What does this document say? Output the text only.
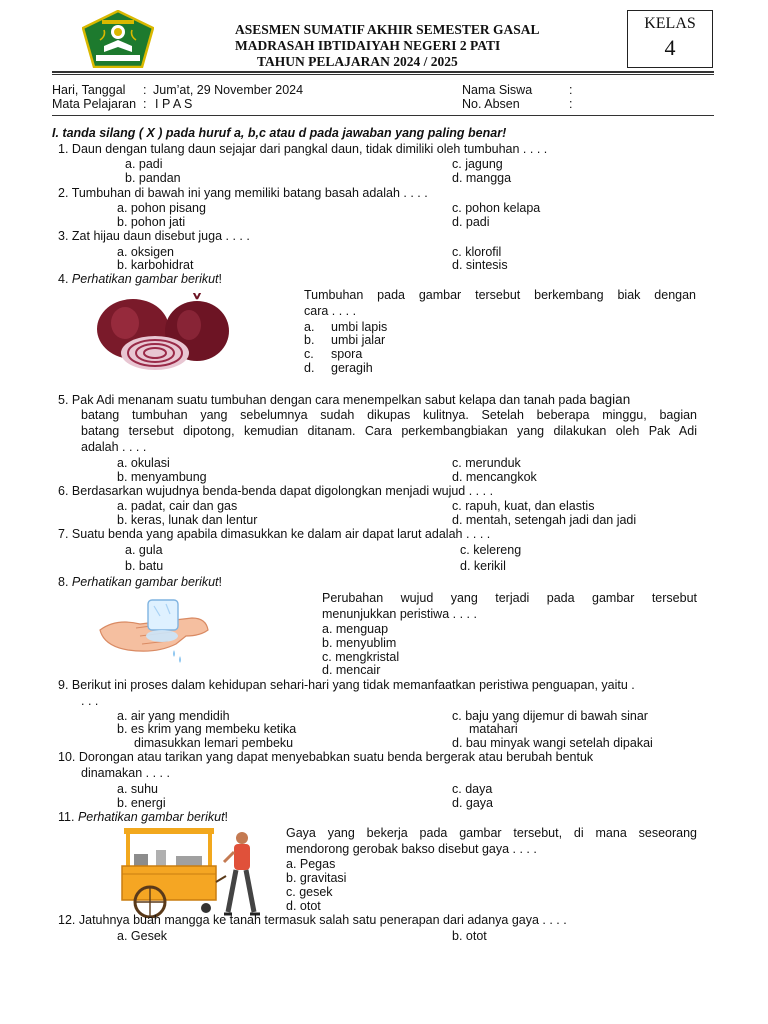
ASESMEN SUMATIF AKHIR SEMESTER GASAL
MADRASAH IBTIDAIYAH NEGERI 2 PATI
TAHUN PELAJARAN 2024 / 2025
KELAS
4
Hari, Tanggal : Jum’at, 29 November 2024
Mata Pelajaran : I P A S
Nama Siswa	:
No. Absen	:
I. tanda silang ( X ) pada huruf a, b,c atau d pada jawaban yang paling benar!
1. Daun dengan tulang daun sejajar dari pangkal daun, tidak dimiliki oleh tumbuhan . . . .
a. padi
b. pandan
c. jagung
d. mangga
2. Tumbuhan di bawah ini yang memiliki batang basah adalah . . . .
a. pohon pisang
b. pohon jati
c. pohon kelapa
d. padi
3. Zat hijau daun disebut juga . . . .
a. oksigen
b. karbohidrat
c. klorofil
d. sintesis
4. Perhatikan gambar berikut!
Tumbuhan pada gambar tersebut berkembang biak dengan
cara . . . .
a. umbi lapis
b. umbi jalar
c. spora
d. geragih
5. Pak Adi menanam suatu tumbuhan dengan cara menempelkan sabut kelapa dan tanah pada bagian
batang tumbuhan yang sebelumnya sudah dikupas kulitnya. Setelah beberapa minggu, bagian
batang tersebut dipotong, kemudian ditanam. Cara perkembangbiakan yang dilakukan oleh Pak Adi
adalah . . . .
a. okulasi
b. menyambung
c. merunduk
d. mencangkok
6. Berdasarkan wujudnya benda-benda dapat digolongkan menjadi wujud . . . .
a. padat, cair dan gas
b. keras, lunak dan lentur
c. rapuh, kuat, dan elastis
d. mentah, setengah jadi dan jadi
7. Suatu benda yang apabila dimasukkan ke dalam air dapat larut adalah . . . .
a. gula
b. batu
c. kelereng
d. kerikil
8. Perhatikan gambar berikut!
Perubahan wujud yang terjadi pada gambar tersebut
menunjukkan peristiwa . . . .
a. menguap
b. menyublim
c. mengkristal
d. mencair
9. Berikut ini proses dalam kehidupan sehari-hari yang tidak memanfaatkan peristiwa penguapan, yaitu .
. . .
a. air yang mendidih
b. es krim yang membeku ketika
dimasukkan lemari pembeku
c. baju yang dijemur di bawah sinar
matahari
d. bau minyak wangi setelah dipakai
10. Dorongan atau tarikan yang dapat menyebabkan suatu benda bergerak atau berubah bentuk
dinamakan . . . .
a. suhu
b. energi
c. daya
d. gaya
11. Perhatikan gambar berikut!
Gaya yang bekerja pada gambar tersebut, di mana seseorang
mendorong gerobak bakso disebut gaya . . . .
a. Pegas
b. gravitasi
c. gesek
d. otot
12. Jatuhnya buah mangga ke tanah termasuk salah satu penerapan dari adanya gaya . . . .
a. Gesek	b. otot
